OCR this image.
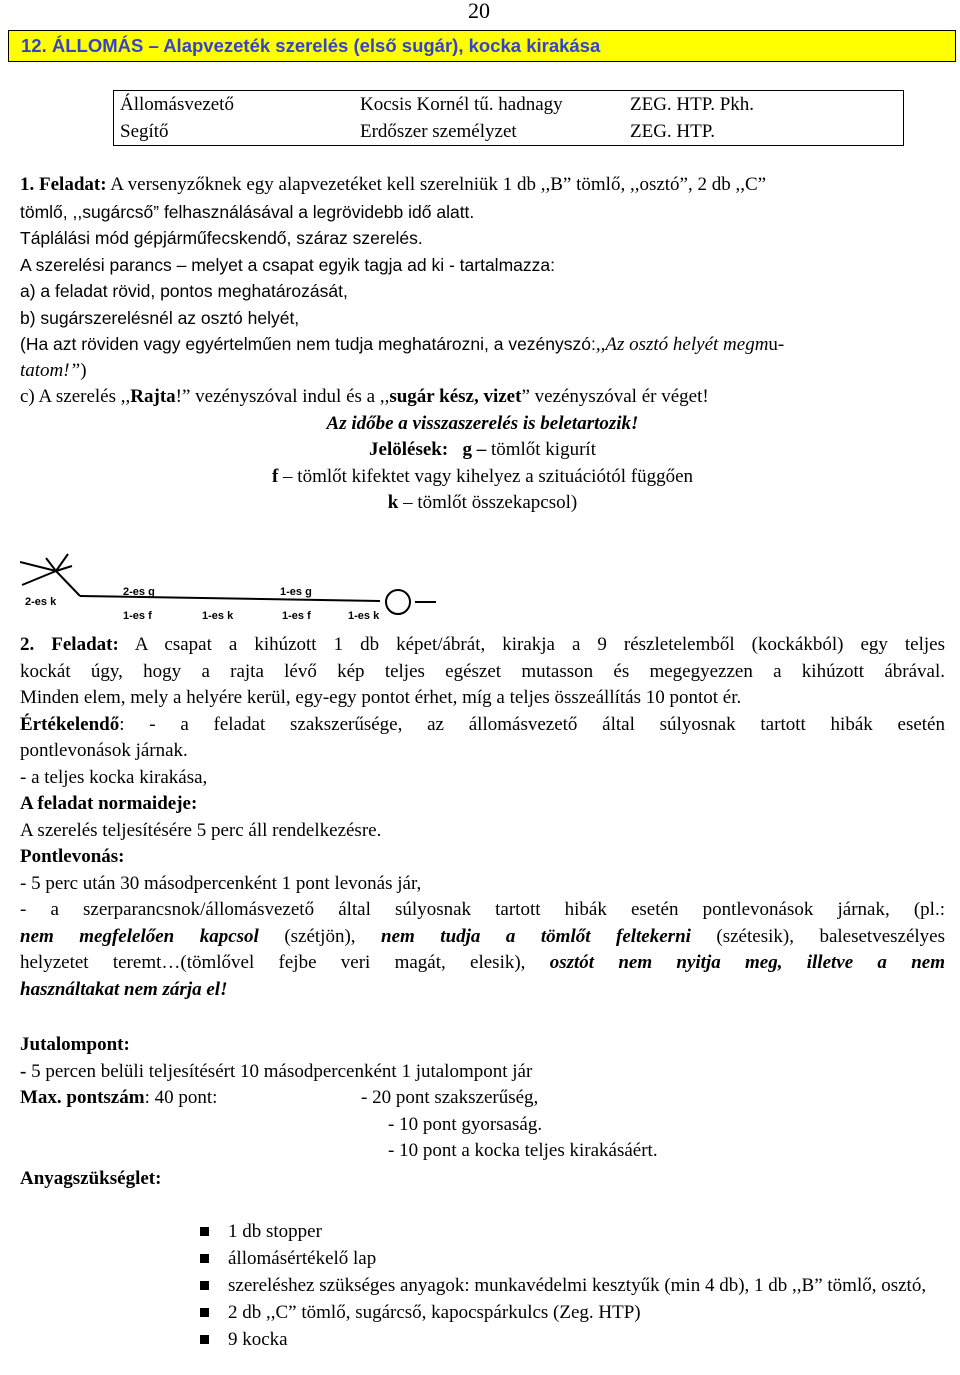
20
12. ÁLLOMÁS – Alapvezeték szerelés (első sugár), kocka kirakása
Állomásvezető	Kocsis Kornél tű. hadnagy	ZEG. HTP. Pkh.
Segítő	Erdőszer személyzet	ZEG. HTP.
1. Feladat: A versenyzőknek egy alapvezetéket kell szerelniük 1 db ,,B” tömlő, ,,osztó”, 2 db ,,C”
tömlő, ,,sugárcső” felhasználásával a legrövidebb idő alatt.
Táplálási mód gépjárműfecskendő, száraz szerelés.
A szerelési parancs – melyet a csapat egyik tagja ad ki - tartalmazza:
a) a feladat rövid, pontos meghatározását,
b) sugárszerelésnél az osztó helyét,
(Ha azt röviden vagy egyértelműen nem tudja meghatározni, a vezényszó:,,Az osztó helyét megmu-
tatom!”)
c) A szerelés ,,Rajta!” vezényszóval indul és a ,,sugár kész, vizet” vezényszóval ér véget!
Az időbe a visszaszerelés is beletartozik!
Jelölések: g – tömlőt kigurít
f – tömlőt kifektet vagy kihelyez a szituációtól függően
k – tömlőt összekapcsol)
2-es k
2-es g	1-es g
1-es f	1-es k	1-es f	1-es k
2. Feladat: A csapat a kihúzott 1 db képet/ábrát, kirakja a 9 részletelemből (kockákból) egy teljes
kockát úgy, hogy a rajta lévő kép teljes egészet mutasson és megegyezzen a kihúzott ábrával.
Minden elem, mely a helyére kerül, egy-egy pontot érhet, míg a teljes összeállítás 10 pontot ér.
Értékelendő: - a feladat szakszerűsége, az állomásvezető által súlyosnak tartott hibák esetén
pontlevonások járnak.
- a teljes kocka kirakása,
A feladat normaideje:
A szerelés teljesítésére 5 perc áll rendelkezésre.
Pontlevonás:
- 5 perc után 30 másodpercenként 1 pont levonás jár,
- a szerparancsnok/állomásvezető által súlyosnak tartott hibák esetén pontlevonások járnak, (pl.:
nem megfelelően kapcsol (szétjön), nem tudja a tömlőt feltekerni (szétesik), balesetveszélyes
helyzetet teremt…(tömlővel fejbe veri magát, elesik), osztót nem nyitja meg, illetve a nem
használtakat nem zárja el!
Jutalompont:
- 5 percen belüli teljesítésért 10 másodpercenként 1 jutalompont jár
Max. pontszám: 40 pont:	- 20 pont szakszerűség,
- 10 pont gyorsaság.
- 10 pont a kocka teljes kirakásáért.
Anyagszükséglet:
1 db stopper
állomásértékelő lap
szereléshez szükséges anyagok: munkavédelmi kesztyűk (min 4 db), 1 db ,,B” tömlő, osztó,
2 db ,,C” tömlő, sugárcső, kapocspárkulcs (Zeg. HTP)
9 kocka
